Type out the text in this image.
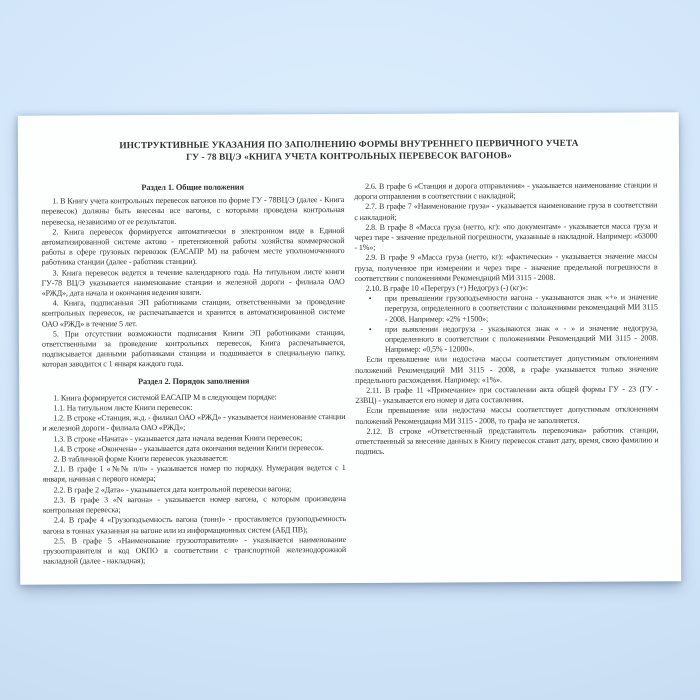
ИНСТРУКТИВНЫЕ УКАЗАНИЯ ПО ЗАПОЛНЕНИЮ ФОРМЫ ВНУТРЕННЕГО ПЕРВИЧНОГО УЧЕТА
ГУ - 78 ВЦ/Э «КНИГА УЧЕТА КОНТРОЛЬНЫХ ПЕРЕВЕСОК ВАГОНОВ»
Раздел 1. Общие положения

1. В Книгу учета контрольных перевесок вагонов по форме ГУ - 78ВЦ/Э (далее - Книга перевесок) должны быть внесены все вагоны, с которыми проведена контрольная перевеска, независимо от ее результатов.

2. Книга перевесок формируется автоматически в электронном виде в Единой автоматизированной системе актово - претензионной работы хозяйства коммерческой работы в сфере грузовых перевозок (ЕАСАПР М) на рабочем месте уполномоченного работника станции (далее - работник станции).

3. Книга перевесок ведется в течение календарного года. На титульном листе книги ГУ-78 ВЦ/Э указывается наименование станции и железной дороги - филиала ОАО «РЖД», дата начала и окончания ведения книги.

4. Книга, подписанная ЭП работниками станции, ответственными за проведение контрольных перевесок, не распечатывается и хранится в автоматизированной системе ОАО «РЖД» в течение 5 лет.

5. При отсутствии возможности подписания Книги ЭП работниками станции, ответственными за проведение контрольных перевесок, Книга распечатывается, подписывается данными работниками станции и подшивается в специальную папку, которая заводится с 1 января каждого года.

Раздел 2. Порядок заполнения

1. Книга формируется системой ЕАСАПР М в следующем порядке:

1.1. На титульном листе Книги перевесок:

1.2. В строке «Станция, ж.д. - филиал ОАО «РЖД» - указывается наименование станции и железной дороги - филиала ОАО «РЖД»;

1.3. В строке «Начата» - указывается дата начала ведения Книги перевесок;

1.4. В строке «Окончена» - указывается дата окончания ведения Книги перевесок.

2. В табличной форме Книги перевесок указывается:

2.1. В графе 1 «№№ п/п» - указывается номер по порядку. Нумерация ведется с 1 января, начиная с первого номера;

2.2. В графе 2 «Дата» - указывается дата контрольной перевески вагона;

2.3. В графе 3 «N вагона» - указывается номер вагона, с которым произведена контрольная перевеска;

2.4. В графе 4 «Грузоподъемность вагона (тонн)» - проставляется грузоподъемность вагона в тоннах указанная на вагоне или из информационных систем (АБД ПВ);

2.5. В графе 5 «Наименование грузоотправителя» - указывается наименование грузоотправителя и код ОКПО в соответствии с транспортной железнодорожной накладной (далее - накладная);

2.6. В графе 6 «Станция и дорога отправления» - указывается наименование станции и дороги отправления в соответствии с накладной;

2.7. В графе 7 «Наименование груза» - указывается наименование груза в соответствии с накладной;

2.8. В графе 8 «Масса груза (нетто, кг): «по документам» - указывается масса груза и через тире - значение предельной погрешности, указанные в накладной. Например: «63000 - 1%»;

2.9. В графе 9 «Масса груза (нетто, кг): «фактически» - указывается значение массы груза, полученное при измерении и через тире - значение предельной погрешности в соответствии с положениями Рекомендаций МИ 3115 - 2008.

2.10. В графе 10 «Перегруз (+) Недогруз (-) (кг)»:

• при превышении грузоподъемности вагона - указываются знак «+» и значение перегруза, определенного в соответствии с положениями рекомендаций МИ 3115 - 2008. Например: «2% +1500»;

• при выявлении недогруза - указываются знак « - » и значение недогруза, определенного в соответствии с положениями Рекомендаций МИ 3115 - 2008. Например: «0,5% - 12000».

Если превышение или недостача массы соответствует допустимым отклонениям положений Рекомендаций МИ 3115 - 2008, в графе указывается только значение предельного расхождения. Например: «1%».

2.11. В графе 11 «Примечание» при составлении акта общей формы ГУ - 23 (ГУ - 23ВЦ) - указывается его номер и дата составления.

Если превышение или недостача массы соответствует допустимым отклонениям положений Рекомендации МИ 3115 - 2008, то графа не заполняется.

2.12. В строке «Ответственный представитель перевозчика» работник станции, ответственный за внесение данных в Книгу перевесок ставит дату, время, свою фамилию и подпись.
